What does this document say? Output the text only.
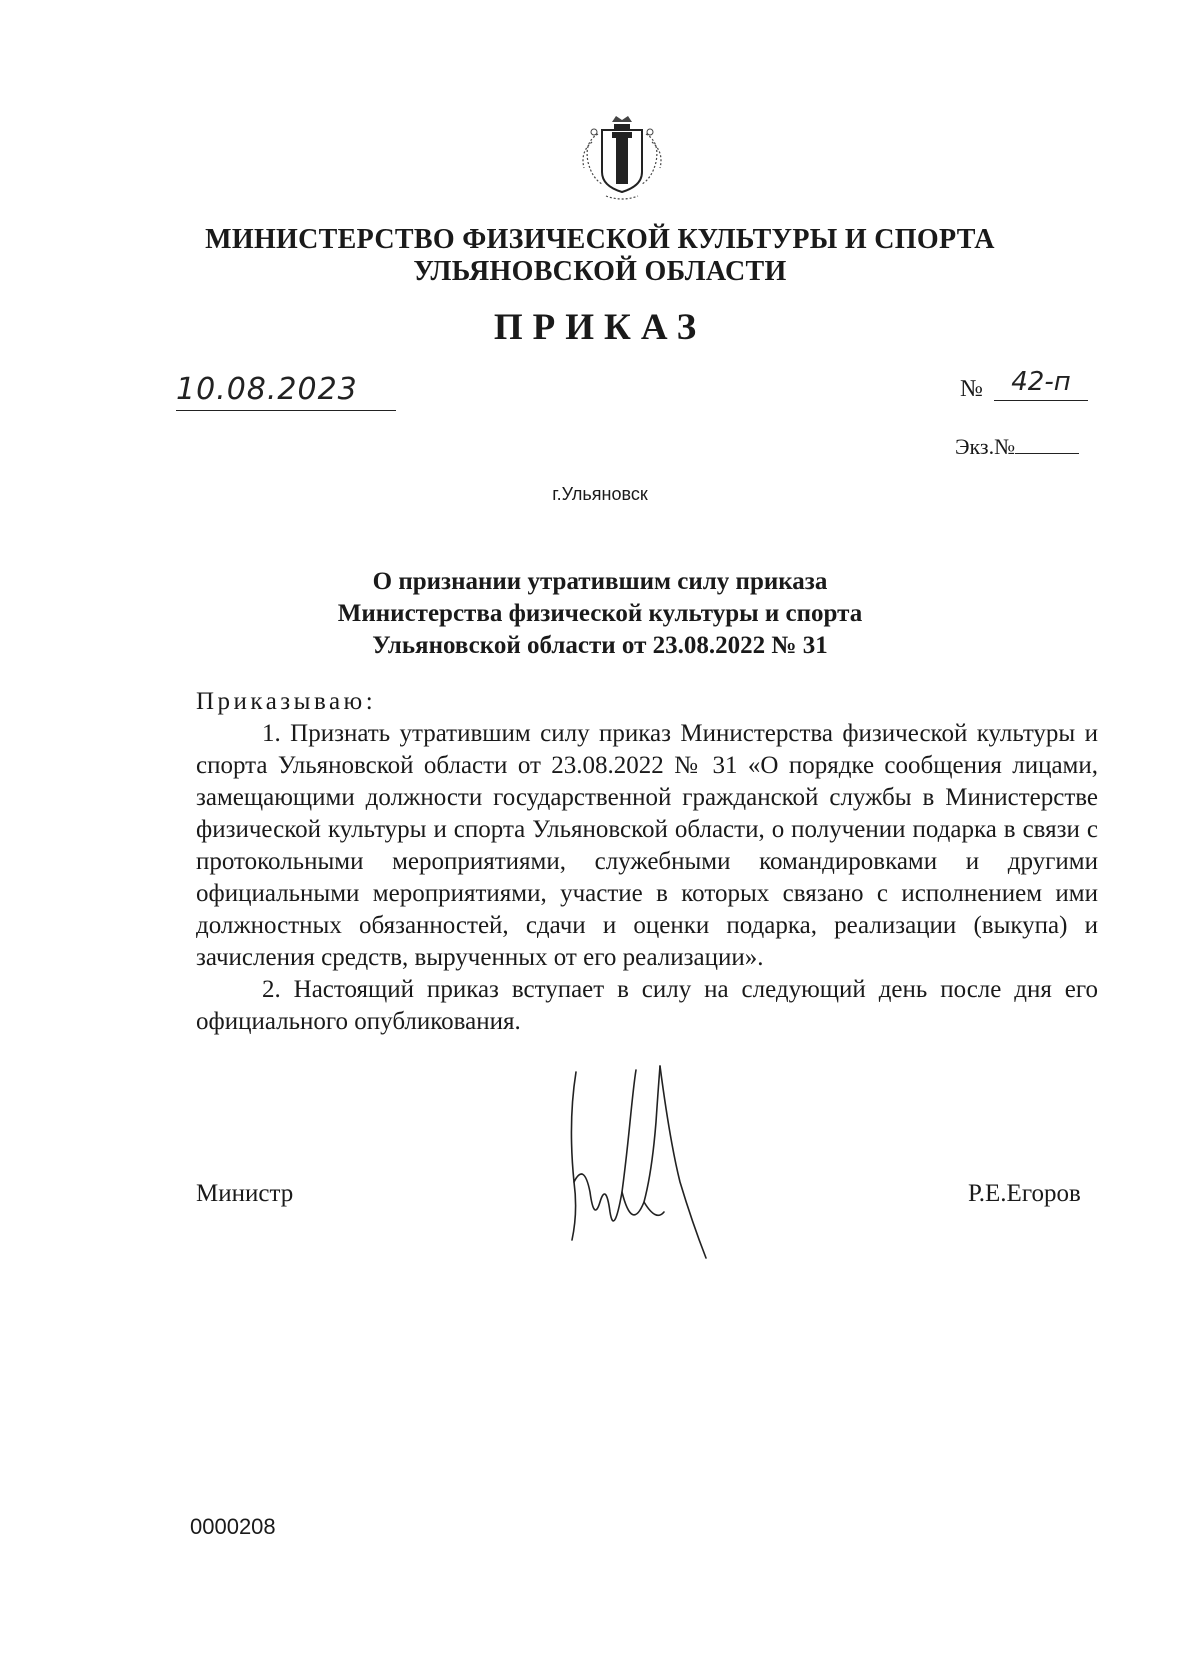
МИНИСТЕРСТВО ФИЗИЧЕСКОЙ КУЛЬТУРЫ И СПОРТА
УЛЬЯНОВСКОЙ ОБЛАСТИ
ПРИКАЗ
10.08.2023	№	42-п
Экз.№
г.Ульяновск
О признании утратившим силу приказа
Министерства физической культуры и спорта
Ульяновской области от 23.08.2022 № 31

Приказываю:

1. Признать утратившим силу приказ Министерства физической культуры и спорта Ульяновской области от 23.08.2022 № 31 «О порядке сообщения лицами, замещающими должности государственной гражданской службы в Министерстве физической культуры и спорта Ульяновской области, о получении подарка в связи с протокольными мероприятиями, служебными командировками и другими официальными мероприятиями, участие в которых связано с исполнением ими должностных обязанностей, сдачи и оценки подарка, реализации (выкупа) и зачисления средств, вырученных от его реализации».

2. Настоящий приказ вступает в силу на следующий день после дня его официального опубликования.

Министр	Р.Е.Егоров
0000208
